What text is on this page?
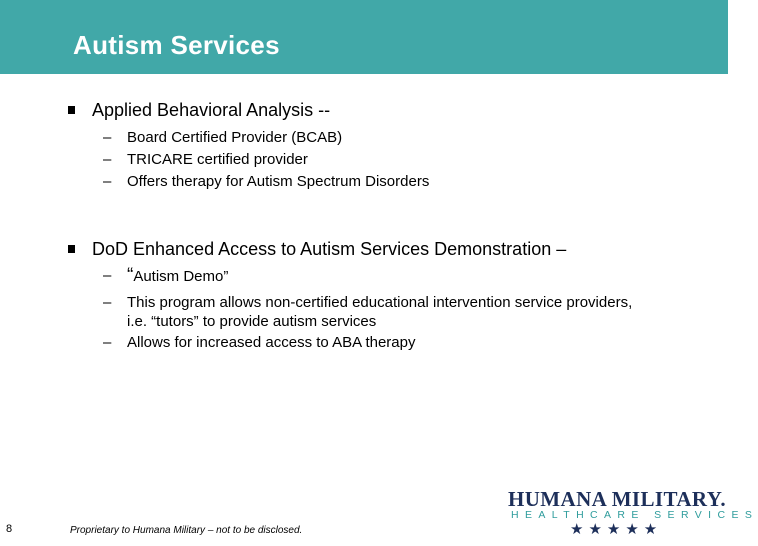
Autism Services
Applied Behavioral Analysis --
–	Board Certified Provider (BCAB)
–	TRICARE certified provider
–	Offers therapy for Autism Spectrum Disorders
DoD Enhanced Access to Autism Services Demonstration –
– “Autism Demo”
–	This program allows non-certified educational intervention service providers,
i.e. “tutors” to provide autism services
–	Allows for increased access to ABA therapy
8	Proprietary to Humana Military – not to be disclosed.
HUMANA MILITARY.
HEALTHCARE SERVICES
★★★★★
